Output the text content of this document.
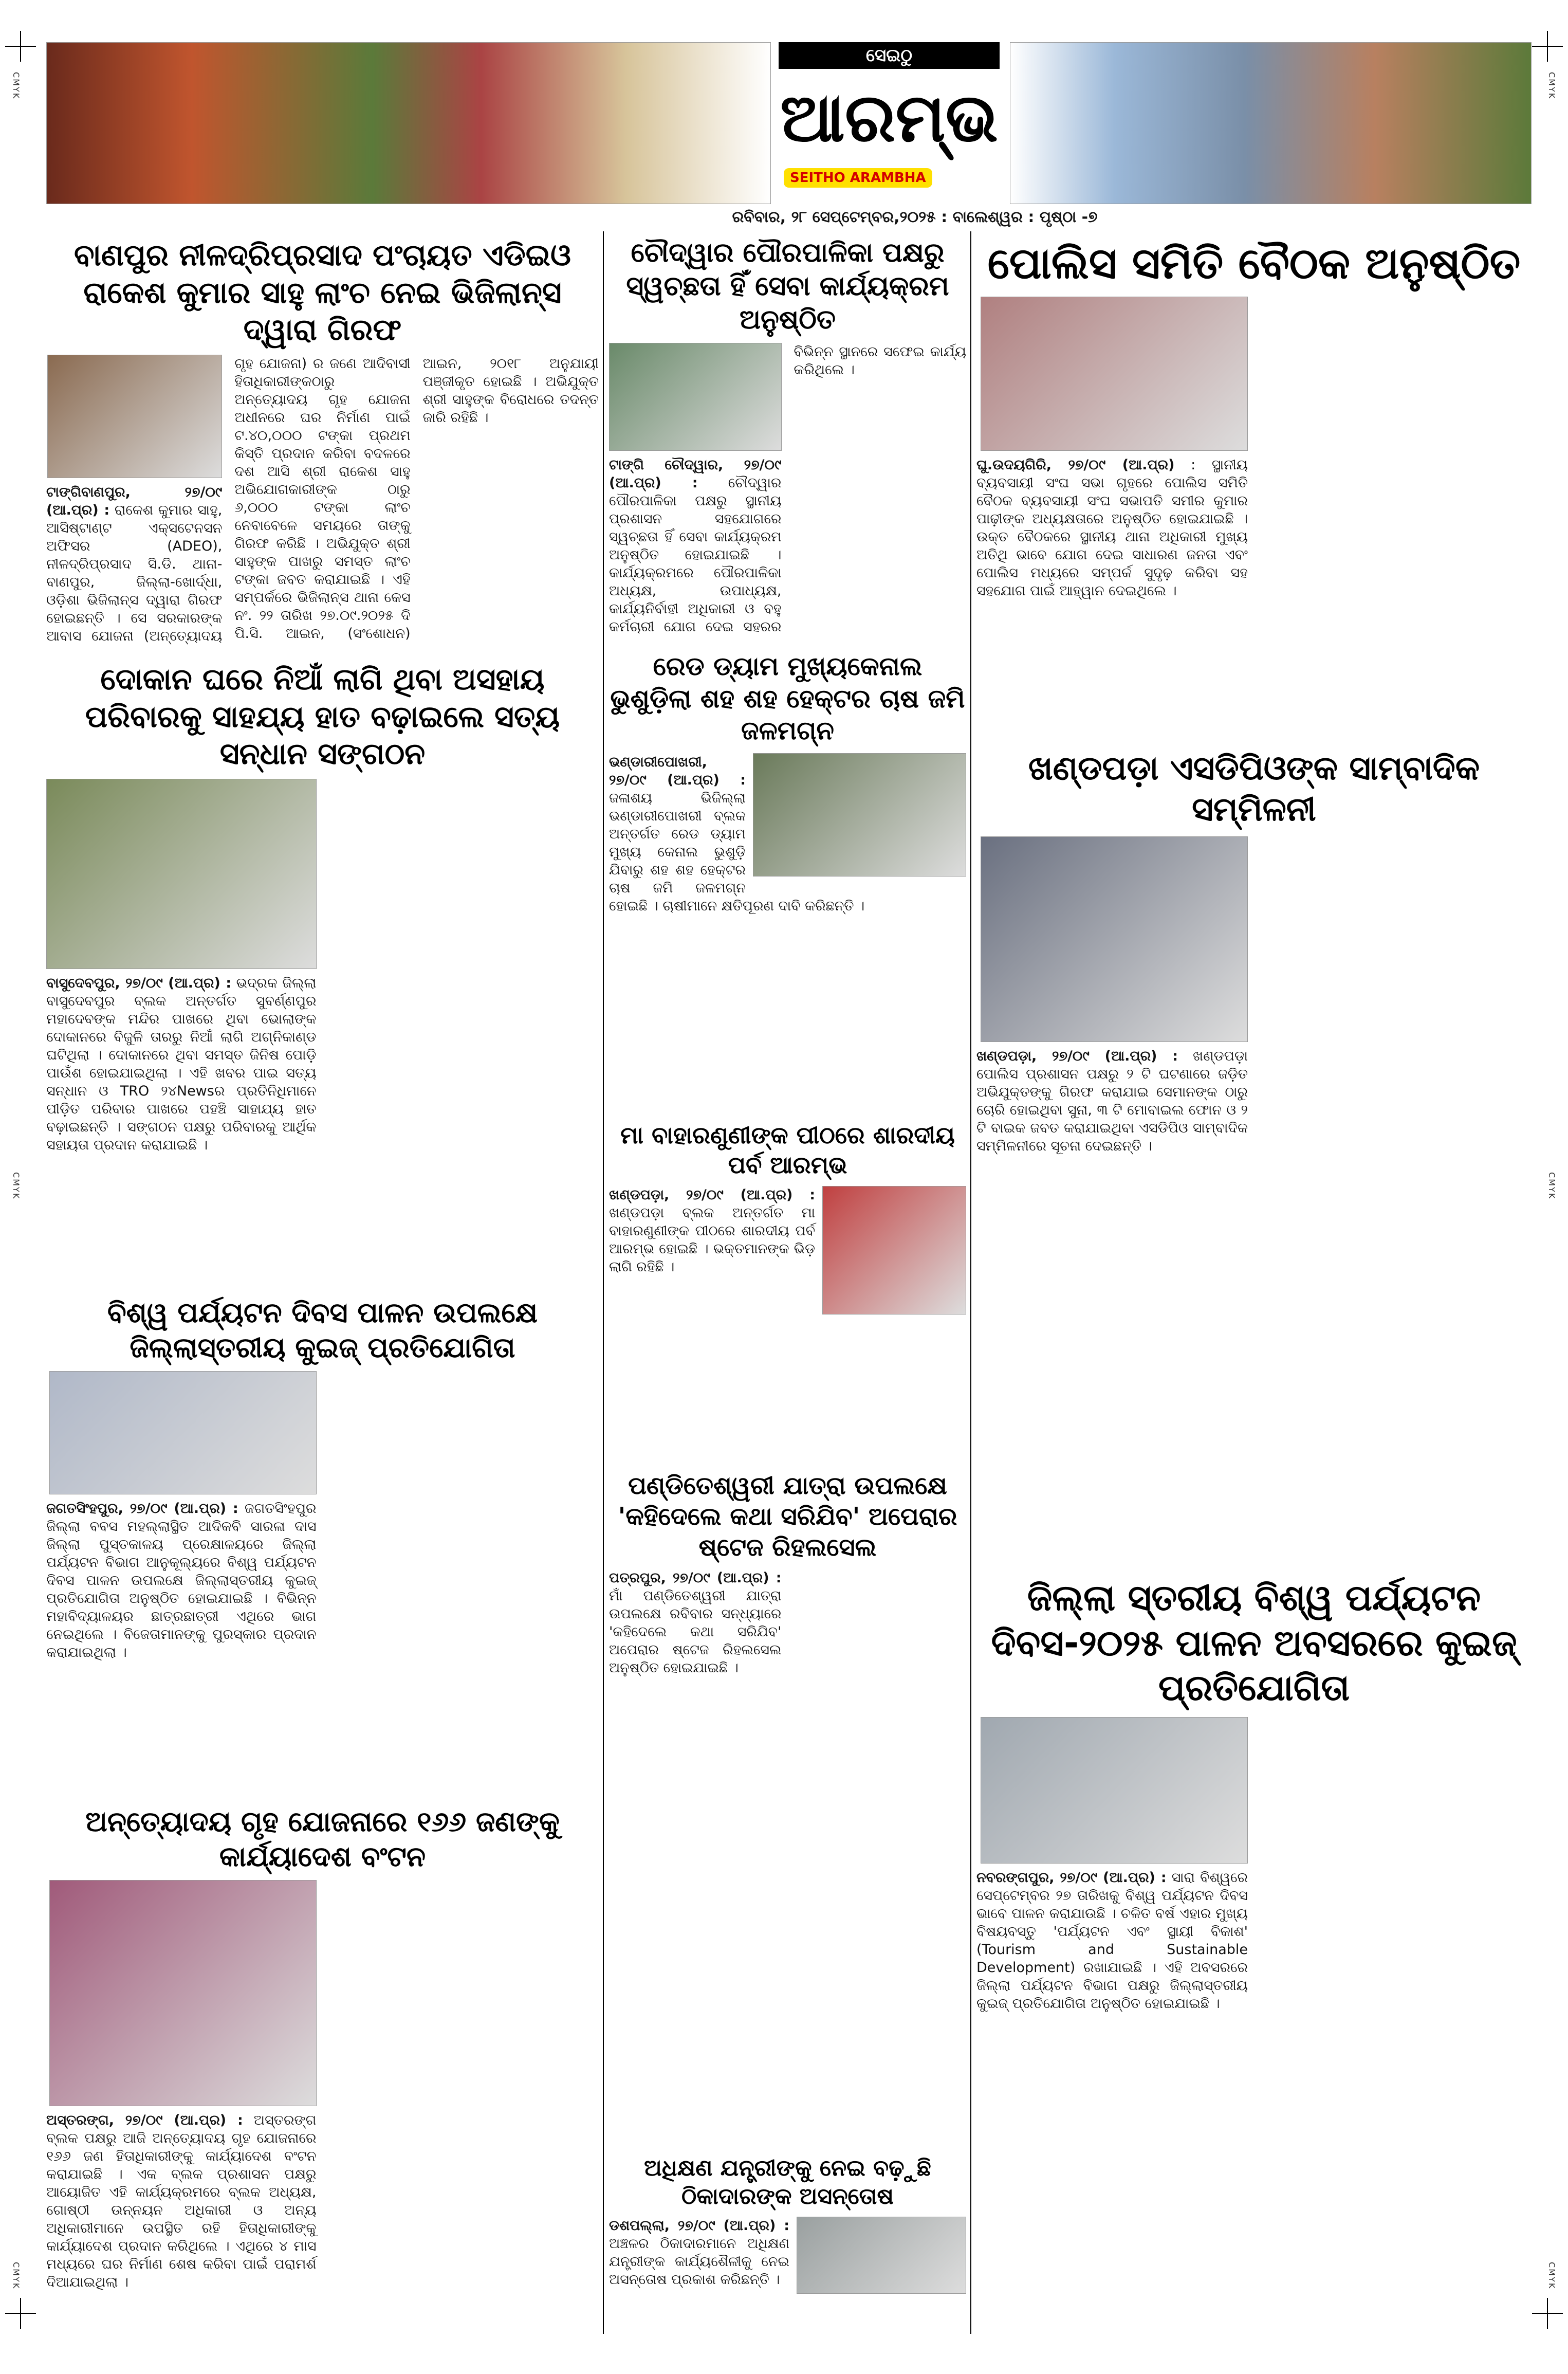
CMYK	CMYK
CMYK	CMYK
CMYK	CMYK
ସେଇଠୁ
ଆରମ୍ଭ
SEITHO ARAMBHA
ରବିବାର, ୨୮ ସେପ୍ଟେମ୍ବର,୨୦୨୫ : ବାଲେଶ୍ୱର : ପୃଷ୍ଠା -୭
ବାଣପୁର ନୀଳଦ୍ରିପ୍ରସାଦ ପଂଚାୟତ ଏଡିଇଓ ରାକେଶ କୁମାର ସାହୁ ଲାଂଚ ନେଇ ଭିଜିଲାନ୍ସ ଦ୍ୱାରା ଗିରଫ
ଟାଙ୍ଗିବାଣପୁର, ୨୭/୦୯ (ଆ.ପ୍ର) : ରାକେଶ କୁମାର ସାହୁ, ଆସିଷ୍ଟାଣ୍ଟ ଏକ୍ସଟେନସନ ଅଫିସର (ADEO), ନୀଳଦ୍ରିପ୍ରସାଦ ସି.ଡି. ଥାନା-ବାଣପୁର, ଜିଲ୍ଲା-ଖୋର୍ଦ୍ଧା, ଓଡ଼ିଶା ଭିଜିଲାନ୍ସ ଦ୍ୱାରା ଗିରଫ ହୋଇଛନ୍ତି । ସେ ସରକାରଙ୍କ ଆବାସ ଯୋଜନା (ଅନ୍ତ୍ୟୋଦୟ ଗୃହ ଯୋଜନା) ର ଜଣେ ଆଦିବାସୀ ହିତାଧିକାରୀଙ୍କଠାରୁ ଅନ୍ତ୍ୟୋଦୟ ଗୃହ ଯୋଜନା ଅଧୀନରେ ଘର ନିର୍ମାଣ ପାଇଁ ଟ.୪୦,୦୦୦ ଟଙ୍କା ପ୍ରଥମ କିସ୍ତି ପ୍ରଦାନ କରିବା ବଦଳରେ ଦଶ ଆସି ଶ୍ରୀ ରାକେଶ ସାହୁ ଅଭିଯୋଗକାରୀଙ୍କ ଠାରୁ ୬,୦୦୦ ଟଙ୍କା ଲାଂଚ ନେବାବେଳେ ସମୟରେ ତାଙ୍କୁ ଗିରଫ କରିଛି । ଅଭିଯୁକ୍ତ ଶ୍ରୀ ସାହୁଙ୍କ ପାଖରୁ ସମସ୍ତ ଲାଂଚ ଟଙ୍କା ଜବତ କରାଯାଇଛି । ଏହି ସମ୍ପର୍କରେ ଭିଜିଲାନ୍ସ ଥାନା କେସ ନଂ. ୨୨ ତାରିଖ ୨୭.୦୯.୨୦୨୫ ଦି ପି.ସି. ଆଇନ, (ସଂଶୋଧନ) ଆଇନ, ୨୦୧୮ ଅନୁଯାୟୀ ପଞ୍ଜୀକୃତ ହୋଇଛି । ଅଭିଯୁକ୍ତ ଶ୍ରୀ ସାହୁଙ୍କ ବିରୋଧରେ ତଦନ୍ତ ଜାରି ରହିଛି ।
ଦୋକାନ ଘରେ ନିଆଁ ଲାଗି ଥିବା ଅସହାୟ ପରିବାରକୁ ସାହଯ୍ୟ ହାତ ବଢ଼ାଇଲେ ସତ୍ୟ ସନ୍ଧାନ ସଙ୍ଗଠନ
ବାସୁଦେବପୁର, ୨୭/୦୯ (ଆ.ପ୍ର) : ଭଦ୍ରକ ଜିଲ୍ଲା ବାସୁଦେବପୁର ବ୍ଲକ ଅନ୍ତର୍ଗତ ସୁବର୍ଣ୍ଣପୁର ମହାଦେବଙ୍କ ମନ୍ଦିର ପାଖରେ ଥିବା ଭୋଲାଙ୍କ ଦୋକାନରେ ବିଜୁଳି ତାରରୁ ନିଆଁ ଲାଗି ଅଗ୍ନିକାଣ୍ଡ ଘଟିଥିଲା । ଦୋକାନରେ ଥିବା ସମସ୍ତ ଜିନିଷ ପୋଡ଼ି ପାଉଁଶ ହୋଇଯାଇଥିଲା । ଏହି ଖବର ପାଇ ସତ୍ୟ ସନ୍ଧାନ ଓ TRO ୨୪Newsର ପ୍ରତିନିଧିମାନେ ପୀଡ଼ିତ ପରିବାର ପାଖରେ ପହଞ୍ଚି ସାହାଯ୍ୟ ହାତ ବଢ଼ାଇଛନ୍ତି । ସଙ୍ଗଠନ ପକ୍ଷରୁ ପରିବାରକୁ ଆର୍ଥିକ ସହାୟତା ପ୍ରଦାନ କରାଯାଇଛି ।
ବିଶ୍ୱ ପର୍ଯ୍ୟଟନ ଦିବସ ପାଳନ ଉପଲକ୍ଷେ ଜିଲ୍ଲାସ୍ତରୀୟ କୁଇଜ୍ ପ୍ରତିଯୋଗିତା
ଜଗତସିଂହପୁର, ୨୭/୦୯ (ଆ.ପ୍ର) : ଜଗତସିଂହପୁର ଜିଲ୍ଲା ବବସ ମହଲ୍ଲାସ୍ଥିତ ଆଦିକବି ସାରଳା ଦାସ ଜିଲ୍ଲା ପୁସ୍ତକାଳୟ ପ୍ରେକ୍ଷାଳୟରେ ଜିଲ୍ଲା ପର୍ଯ୍ୟଟନ ବିଭାଗ ଆନୁକୂଲ୍ୟରେ ବିଶ୍ୱ ପର୍ଯ୍ୟଟନ ଦିବସ ପାଳନ ଉପଲକ୍ଷେ ଜିଲ୍ଲାସ୍ତରୀୟ କୁଇଜ୍ ପ୍ରତିଯୋଗିତା ଅନୁଷ୍ଠିତ ହୋଇଯାଇଛି । ବିଭିନ୍ନ ମହାବିଦ୍ୟାଳୟର ଛାତ୍ରଛାତ୍ରୀ ଏଥିରେ ଭାଗ ନେଇଥିଲେ । ବିଜେତାମାନଙ୍କୁ ପୁରସ୍କାର ପ୍ରଦାନ କରାଯାଇଥିଲା ।
ଅନ୍ତ୍ୟୋଦୟ ଗୃହ ଯୋଜନାରେ ୧୬୬ ଜଣଙ୍କୁ କାର୍ଯ୍ୟାଦେଶ ବଂଟନ
ଅସ୍ତରଙ୍ଗ, ୨୭/୦୯ (ଆ.ପ୍ର) : ଅସ୍ତରଙ୍ଗ ବ୍ଲକ ପକ୍ଷରୁ ଆଜି ଅନ୍ତ୍ୟୋଦୟ ଗୃହ ଯୋଜନାରେ ୧୬୬ ଜଣ ହିତାଧିକାରୀଙ୍କୁ କାର୍ଯ୍ୟାଦେଶ ବଂଟନ କରାଯାଇଛି । ଏକ ବ୍ଲକ ପ୍ରଶାସନ ପକ୍ଷରୁ ଆୟୋଜିତ ଏହି କାର୍ଯ୍ୟକ୍ରମରେ ବ୍ଲକ ଅଧ୍ୟକ୍ଷ, ଗୋଷ୍ଠୀ ଉନ୍ନୟନ ଅଧିକାରୀ ଓ ଅନ୍ୟ ଅଧିକାରୀମାନେ ଉପସ୍ଥିତ ରହି ହିତାଧିକାରୀଙ୍କୁ କାର୍ଯ୍ୟାଦେଶ ପ୍ରଦାନ କରିଥିଲେ । ଏଥିରେ ୪ ମାସ ମଧ୍ୟରେ ଘର ନିର୍ମାଣ ଶେଷ କରିବା ପାଇଁ ପରାମର୍ଶ ଦିଆଯାଇଥିଲା ।
ଚୌଦ୍ୱାର ପୌରପାଳିକା ପକ୍ଷରୁ ସ୍ୱଚ୍ଛତା ହିଁ ସେବା କାର୍ଯ୍ୟକ୍ରମ ଅନୁଷ୍ଠିତ
ଟାଙ୍ଗି ଚୌଦ୍ୱାର, ୨୭/୦୯ (ଆ.ପ୍ର) : ଚୌଦ୍ୱାର ପୌରପାଳିକା ପକ୍ଷରୁ ସ୍ଥାନୀୟ ପ୍ରଶାସନ ସହଯୋଗରେ ସ୍ୱଚ୍ଛତା ହିଁ ସେବା କାର୍ଯ୍ୟକ୍ରମ ଅନୁଷ୍ଠିତ ହୋଇଯାଇଛି । କାର୍ଯ୍ୟକ୍ରମରେ ପୌରପାଳିକା ଅଧ୍ୟକ୍ଷ, ଉପାଧ୍ୟକ୍ଷ, କାର୍ଯ୍ୟନିର୍ବାହୀ ଅଧିକାରୀ ଓ ବହୁ କର୍ମଚାରୀ ଯୋଗ ଦେଇ ସହରର ବିଭିନ୍ନ ସ୍ଥାନରେ ସଫେଇ କାର୍ଯ୍ୟ କରିଥିଲେ ।
ରେଡ ଡ୍ୟାମ ମୁଖ୍ୟକେନାଲ ଭୁଶୁଡ଼ିଲା ଶହ ଶହ ହେକ୍ଟର ଚାଷ ଜମି ଜଳମଗ୍ନ
ଭଣ୍ଡାରୀପୋଖରୀ, ୨୭/୦୯ (ଆ.ପ୍ର) : ଜଳାଶୟ ଭିଜିଲ୍ଲା ଭଣ୍ଡାରୀପୋଖରୀ ବ୍ଲକ ଅନ୍ତର୍ଗତ ରେଡ ଡ୍ୟାମ ମୁଖ୍ୟ କେନାଲ ଭୁଶୁଡ଼ି ଯିବାରୁ ଶହ ଶହ ହେକ୍ଟର ଚାଷ ଜମି ଜଳମଗ୍ନ ହୋଇଛି । ଚାଷୀମାନେ କ୍ଷତିପୂରଣ ଦାବି କରିଛନ୍ତି ।
ମା ବାହାରଣୁଣୀଙ୍କ ପୀଠରେ ଶାରଦୀୟ ପର୍ବ ଆରମ୍ଭ
ଖଣ୍ଡପଡ଼ା, ୨୭/୦୯ (ଆ.ପ୍ର) : ଖଣ୍ଡପଡ଼ା ବ୍ଲକ ଅନ୍ତର୍ଗତ ମା ବାହାରଣୁଣୀଙ୍କ ପୀଠରେ ଶାରଦୀୟ ପର୍ବ ଆରମ୍ଭ ହୋଇଛି । ଭକ୍ତମାନଙ୍କ ଭିଡ଼ ଲାଗି ରହିଛି ।
ପଣ୍ଡିତେଶ୍ୱରୀ ଯାତ୍ରା ଉପଲକ୍ଷେ 'କହିଦେଲେ କଥା ସରିଯିବ' ଅପେରାର ଷ୍ଟେଜ ରିହଲସେଲ
ପତ୍ରପୁର, ୨୭/୦୯ (ଆ.ପ୍ର) : ମାଁ ପଣ୍ଡିତେଶ୍ୱରୀ ଯାତ୍ରା ଉପଲକ୍ଷେ ରବିବାର ସନ୍ଧ୍ୟାରେ 'କହିଦେଲେ କଥା ସରିଯିବ' ଅପେରାର ଷ୍ଟେଜ ରିହଲସେଲ ଅନୁଷ୍ଠିତ ହୋଇଯାଇଛି ।
ଅଧିକ୍ଷଣ ଯନ୍ତ୍ରୀଙ୍କୁ ନେଇ ବଢ଼ୁଛି ଠିକାଦାରଙ୍କ ଅସନ୍ତୋଷ
ଡଶପଲ୍ଲା, ୨୭/୦୯ (ଆ.ପ୍ର) : ଅଞ୍ଚଳର ଠିକାଦାରମାନେ ଅଧିକ୍ଷଣ ଯନ୍ତ୍ରୀଙ୍କ କାର୍ଯ୍ୟଶୈଳୀକୁ ନେଇ ଅସନ୍ତୋଷ ପ୍ରକାଶ କରିଛନ୍ତି ।
ପୋଲିସ ସମିତି ବୈଠକ ଅନୁଷ୍ଠିତ
ଘୁ.ଉଦୟଗିରି, ୨୭/୦୯ (ଆ.ପ୍ର) : ସ୍ଥାନୀୟ ବ୍ୟବସାୟୀ ସଂଘ ସଭା ଗୃହରେ ପୋଲିସ ସମିତି ବୈଠକ ବ୍ୟବସାୟୀ ସଂଘ ସଭାପତି ସମୀର କୁମାର ପାଢ଼ୀଙ୍କ ଅଧ୍ୟକ୍ଷତାରେ ଅନୁଷ୍ଠିତ ହୋଇଯାଇଛି । ଉକ୍ତ ବୈଠକରେ ସ୍ଥାନୀୟ ଥାନା ଅଧିକାରୀ ମୁଖ୍ୟ ଅତିଥି ଭାବେ ଯୋଗ ଦେଇ ସାଧାରଣ ଜନତା ଏବଂ ପୋଲିସ ମଧ୍ୟରେ ସମ୍ପର୍କ ସୁଦୃଢ଼ କରିବା ସହ ସହଯୋଗ ପାଇଁ ଆହ୍ୱାନ ଦେଇଥିଲେ ।
ଖଣ୍ଡପଡ଼ା ଏସଡିପିଓଙ୍କ ସାମ୍ବାଦିକ ସମ୍ମିଳନୀ
ଖଣ୍ଡପଡ଼ା, ୨୭/୦୯ (ଆ.ପ୍ର) : ଖଣ୍ଡପଡ଼ା ପୋଲିସ ପ୍ରଶାସନ ପକ୍ଷରୁ ୨ ଟି ଘଟଣାରେ ଜଡ଼ିତ ଅଭିଯୁକ୍ତଙ୍କୁ ଗିରଫ କରାଯାଇ ସେମାନଙ୍କ ଠାରୁ ଚୋରି ହୋଇଥିବା ସୁନା, ୩ ଟି ମୋବାଇଲ ଫୋନ ଓ ୨ ଟି ବାଇକ ଜବତ କରାଯାଇଥିବା ଏସଡିପିଓ ସାମ୍ବାଦିକ ସମ୍ମିଳନୀରେ ସୂଚନା ଦେଇଛନ୍ତି ।
ଜିଲ୍ଲା ସ୍ତରୀୟ ବିଶ୍ୱ ପର୍ଯ୍ୟଟନ ଦିବସ-୨୦୨୫ ପାଳନ ଅବସରରେ କୁଇଜ୍ ପ୍ରତିଯୋଗିତା
ନବରଙ୍ଗପୁର, ୨୭/୦୯ (ଆ.ପ୍ର) : ସାରା ବିଶ୍ୱରେ ସେପ୍ଟେମ୍ବର ୨୭ ତାରିଖକୁ ବିଶ୍ୱ ପର୍ଯ୍ୟଟନ ଦିବସ ଭାବେ ପାଳନ କରାଯାଉଛି । ଚଳିତ ବର୍ଷ ଏହାର ମୁଖ୍ୟ ବିଷୟବସ୍ତୁ 'ପର୍ଯ୍ୟଟନ ଏବଂ ସ୍ଥାୟୀ ବିକାଶ' (Tourism and Sustainable Development) ରଖାଯାଇଛି । ଏହି ଅବସରରେ ଜିଲ୍ଲା ପର୍ଯ୍ୟଟନ ବିଭାଗ ପକ୍ଷରୁ ଜିଲ୍ଲାସ୍ତରୀୟ କୁଇଜ୍ ପ୍ରତିଯୋଗିତା ଅନୁଷ୍ଠିତ ହୋଇଯାଇଛି ।
